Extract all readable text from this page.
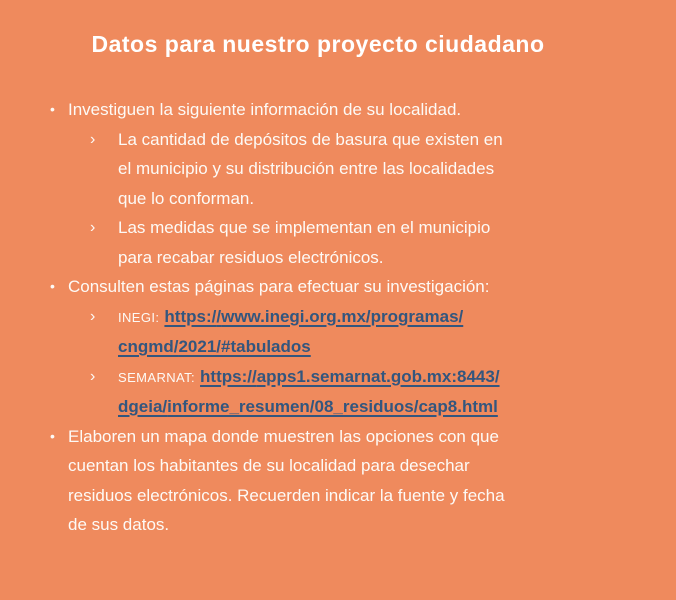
Datos para nuestro proyecto ciudadano
• Investiguen la siguiente información de su localidad.

›	La cantidad de depósitos de basura que existen en el municipio y su distribución entre las localidades que lo conforman.

›	Las medidas que se implementan en el municipio para recabar residuos electrónicos.

• Consulten estas páginas para efectuar su investigación:

›	INEGI: https://www.inegi.org.mx/programas/cngmd/2021/#tabulados

›	SEMARNAT: https://apps1.semarnat.gob.mx:8443/dgeia/informe_resumen/08_residuos/cap8.html

• Elaboren un mapa donde muestren las opciones con que cuentan los habitantes de su localidad para desechar residuos electrónicos. Recuerden indicar la fuente y fecha de sus datos.
